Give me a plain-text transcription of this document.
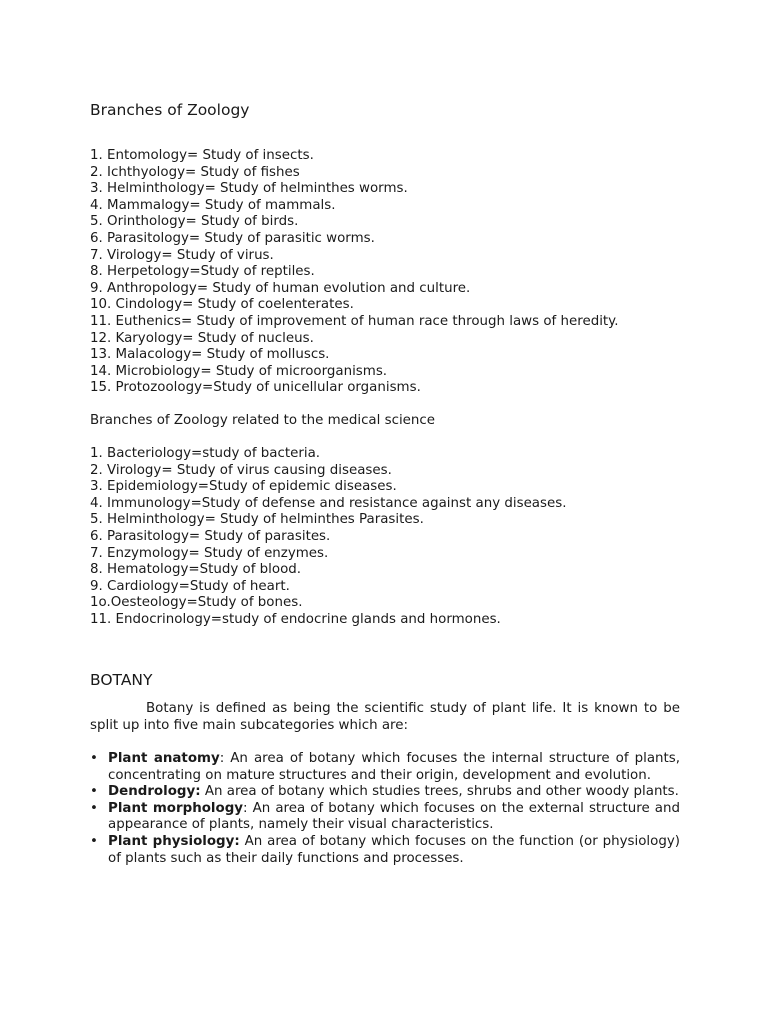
Branches of Zoology
1. Entomology= Study of insects.
2. Ichthyology= Study of fishes
3. Helminthology= Study of helminthes worms.
4. Mammalogy= Study of mammals.
5. Orinthology= Study of birds.
6. Parasitology= Study of parasitic worms.
7. Virology= Study of virus.
8. Herpetology=Study of reptiles.
9. Anthropology= Study of human evolution and culture.
10. Cindology= Study of coelenterates.
11. Euthenics= Study of improvement of human race through laws of heredity.
12. Karyology= Study of nucleus.
13. Malacology= Study of molluscs.
14. Microbiology= Study of microorganisms.
15. Protozoology=Study of unicellular organisms.
Branches of Zoology related to the medical science
1. Bacteriology=study of bacteria.
2. Virology= Study of virus causing diseases.
3. Epidemiology=Study of epidemic diseases.
4. Immunology=Study of defense and resistance against any diseases.
5. Helminthology= Study of helminthes Parasites.
6. Parasitology= Study of parasites.
7. Enzymology= Study of enzymes.
8. Hematology=Study of blood.
9. Cardiology=Study of heart.
1o.Oesteology=Study of bones.
11. Endocrinology=study of endocrine glands and hormones.
BOTANY
Botany is defined as being the scientific study of plant life. It is known to be split up into five main subcategories which are:
• Plant anatomy: An area of botany which focuses the internal structure of plants, concentrating on mature structures and their origin, development and evolution.
• Dendrology: An area of botany which studies trees, shrubs and other woody plants.
• Plant morphology: An area of botany which focuses on the external structure and appearance of plants, namely their visual characteristics.
• Plant physiology: An area of botany which focuses on the function (or physiology) of plants such as their daily functions and processes.
